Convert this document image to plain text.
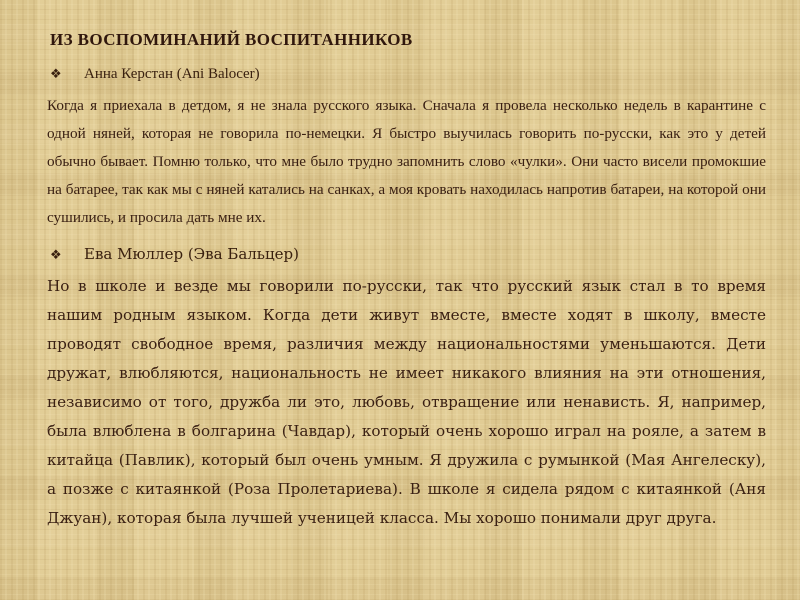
ИЗ ВОСПОМИНАНИЙ ВОСПИТАННИКОВ
❖	Анна Керстан (Ani Balocer)

Когда я приехала в детдом, я не знала русского языка. Сначала я провела несколько недель в карантине с одной няней, которая не говорила по-немецки. Я быстро выучилась говорить по-русски, как это у детей обычно бывает. Помню только, что мне было трудно запомнить слово «чулки». Они часто висели промокшие на батарее, так как мы с няней катались на санках, а моя кровать находилась напротив батареи, на которой они сушились, и просила дать мне их.

❖	Ева Мюллер (Эва Бальцер)

Но в школе и везде мы говорили по-русски, так что русский язык стал в то время нашим родным языком. Когда дети живут вместе, вместе ходят в школу, вместе проводят свободное время, различия между национальностями уменьшаются. Дети дружат, влюбляются, национальность не имеет никакого влияния на эти отношения, независимо от того, дружба ли это, любовь, отвращение или ненависть. Я, например, была влюблена в болгарина (Чавдар), который очень хорошо играл на рояле, а затем в китайца (Павлик), который был очень умным. Я дружила с румынкой (Мая Ангелеску), а позже с китаянкой (Роза Пролетариева). В школе я сидела рядом с китаянкой (Аня Джуан), которая была лучшей ученицей класса. Мы хорошо понимали друг друга.
